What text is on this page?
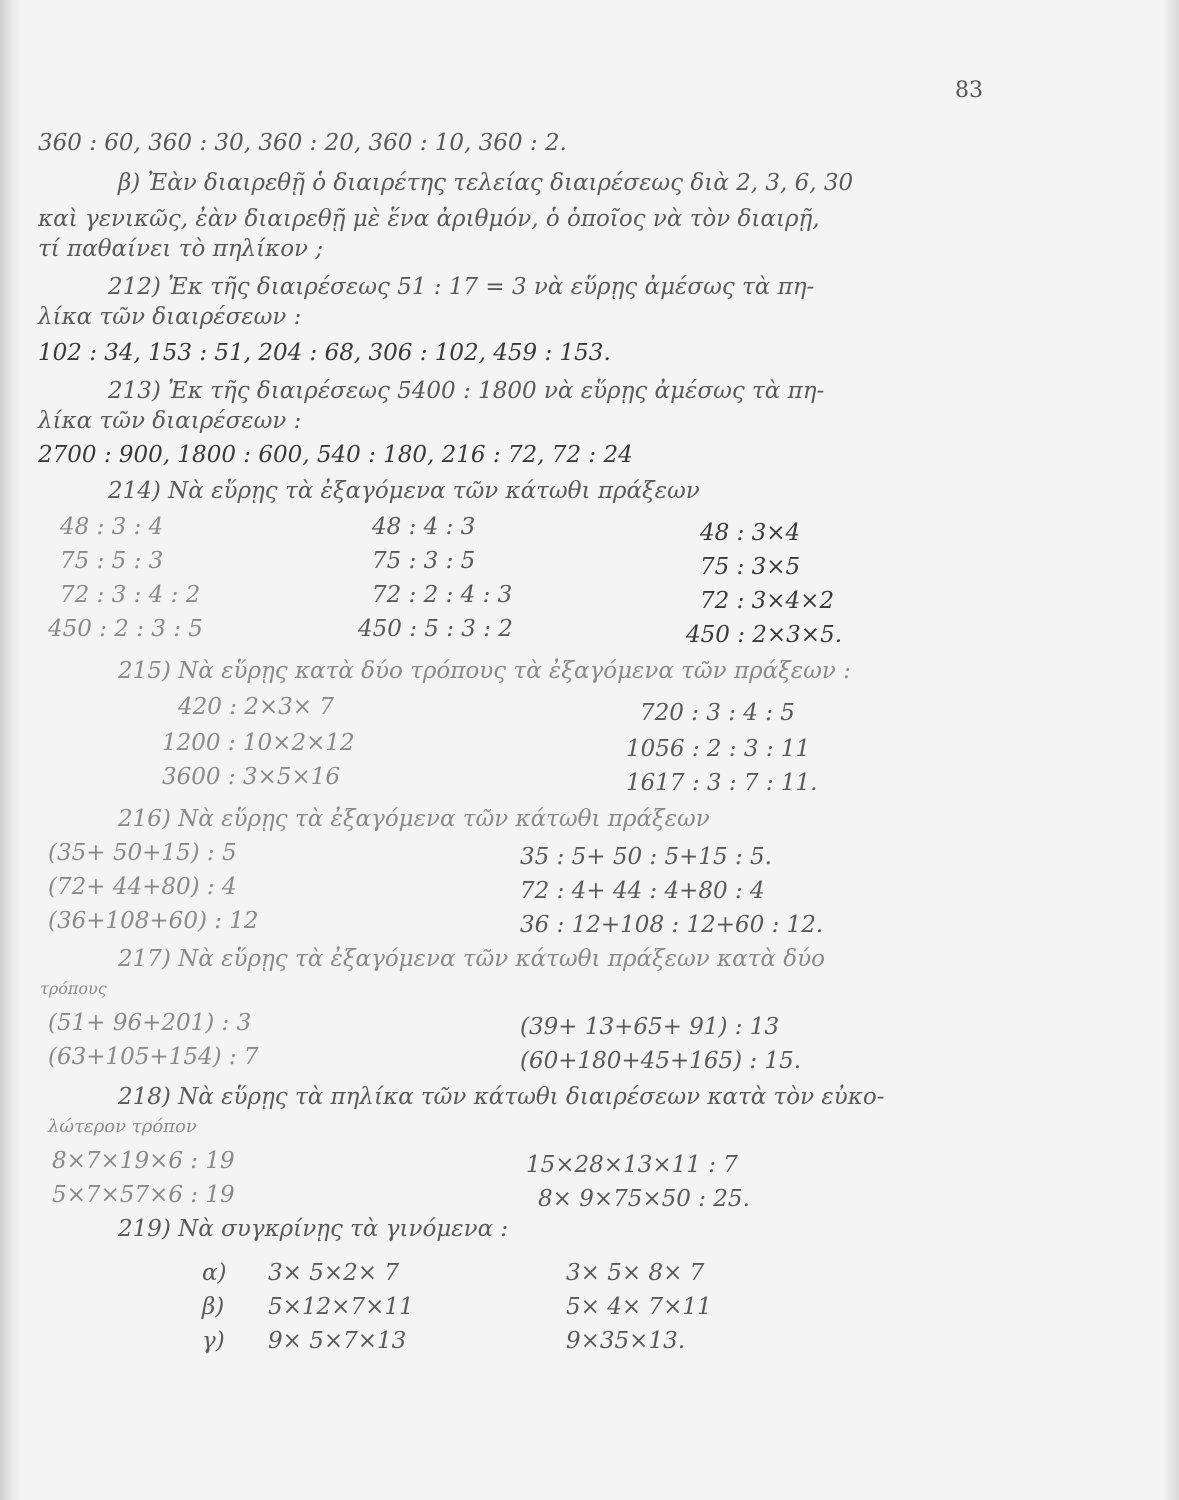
83
360 : 60, 360 : 30, 360 : 20, 360 : 10, 360 : 2.
β) Ἐὰν διαιρεθῇ ὁ διαιρέτης τελείας διαιρέσεως διὰ 2, 3, 6, 30
καὶ γενικῶς, ἐὰν διαιρεθῇ μὲ ἕνα ἀριθμόν, ὁ ὁποῖος νὰ τὸν διαιρῇ,
τί παθαίνει τὸ πηλίκον ;
212) Ἐκ τῆς διαιρέσεως 51 : 17 = 3 νὰ εὕρῃς ἀμέσως τὰ πη-
λίκα τῶν διαιρέσεων :
102 : 34, 153 : 51, 204 : 68, 306 : 102, 459 : 153.
213) Ἐκ τῆς διαιρέσεως 5400 : 1800 νὰ εὕρῃς ἀμέσως τὰ πη-
λίκα τῶν διαιρέσεων :
2700 : 900, 1800 : 600, 540 : 180, 216 : 72, 72 : 24
214) Νὰ εὕρῃς τὰ ἐξαγόμενα τῶν κάτωθι πράξεων
48 : 3 : 4
75 : 5 : 3
72 : 3 : 4 : 2
450 : 2 : 3 : 5
48 : 4 : 3
75 : 3 : 5
72 : 2 : 4 : 3
450 : 5 : 3 : 2
48 : 3×4
75 : 3×5
72 : 3×4×2
450 : 2×3×5.
215) Νὰ εὕρῃς κατὰ δύο τρόπους τὰ ἐξαγόμενα τῶν πράξεων :
420 : 2×3× 7
1200 : 10×2×12
3600 : 3×5×16
720 : 3 : 4 : 5
1056 : 2 : 3 : 11
1617 : 3 : 7 : 11.
216) Νὰ εὕρῃς τὰ ἐξαγόμενα τῶν κάτωθι πράξεων
(35+ 50+15) : 5
(72+ 44+80) : 4
(36+108+60) : 12
35 : 5+ 50 : 5+15 : 5.
72 : 4+ 44 : 4+80 : 4
36 : 12+108 : 12+60 : 12.
217) Νὰ εὕρῃς τὰ ἐξαγόμενα τῶν κάτωθι πράξεων κατὰ δύο
τρόπους
(51+ 96+201) : 3
(63+105+154) : 7
(39+ 13+65+ 91) : 13
(60+180+45+165) : 15.
218) Νὰ εὕρῃς τὰ πηλίκα τῶν κάτωθι διαιρέσεων κατὰ τὸν εὐκο-
λώτερον τρόπον
8×7×19×6 : 19
5×7×57×6 : 19
15×28×13×11 : 7
8× 9×75×50 : 25.
219) Νὰ συγκρίνῃς τὰ γινόμενα :
α)
β)
γ)
3× 5×2× 7
5×12×7×11
9× 5×7×13
3× 5× 8× 7
5× 4× 7×11
9×35×13.
